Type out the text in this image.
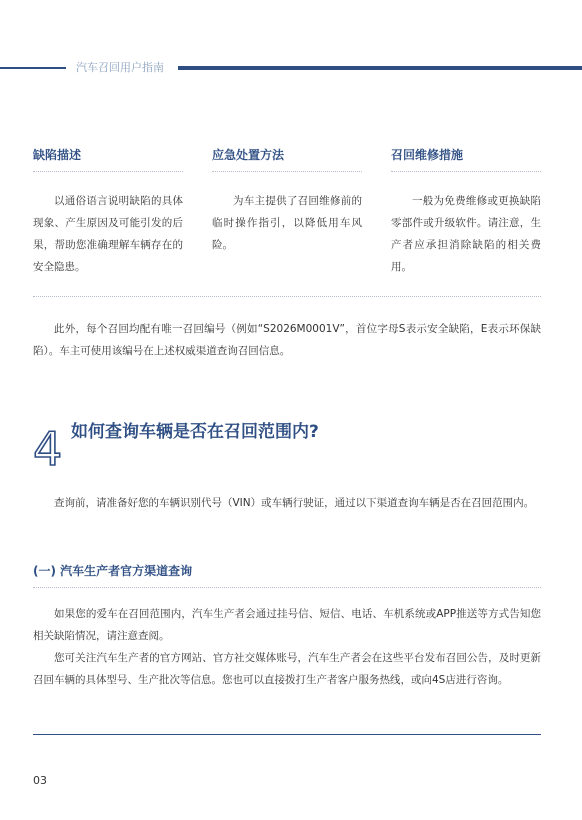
汽车召回用户指南
缺陷描述
以通俗语言说明缺陷的具体现象、产生原因及可能引发的后果，帮助您准确理解车辆存在的安全隐患。
应急处置方法
为车主提供了召回维修前的临时操作指引，以降低用车风险。
召回维修措施
一般为免费维修或更换缺陷零部件或升级软件。请注意，生产者应承担消除缺陷的相关费用。

此外，每个召回均配有唯一召回编号（例如“S2026M0001V”，首位字母S表示安全缺陷，E表示环保缺陷）。车主可使用该编号在上述权威渠道查询召回信息。

4 如何查询车辆是否在召回范围内?

查询前，请准备好您的车辆识别代号（VIN）或车辆行驶证，通过以下渠道查询车辆是否在召回范围内。

(一) 汽车生产者官方渠道查询

如果您的爱车在召回范围内，汽车生产者会通过挂号信、短信、电话、车机系统或APP推送等方式告知您相关缺陷情况，请注意查阅。

您可关注汽车生产者的官方网站、官方社交媒体账号，汽车生产者会在这些平台发布召回公告，及时更新召回车辆的具体型号、生产批次等信息。您也可以直接拨打生产者客户服务热线，或向4S店进行咨询。

03
